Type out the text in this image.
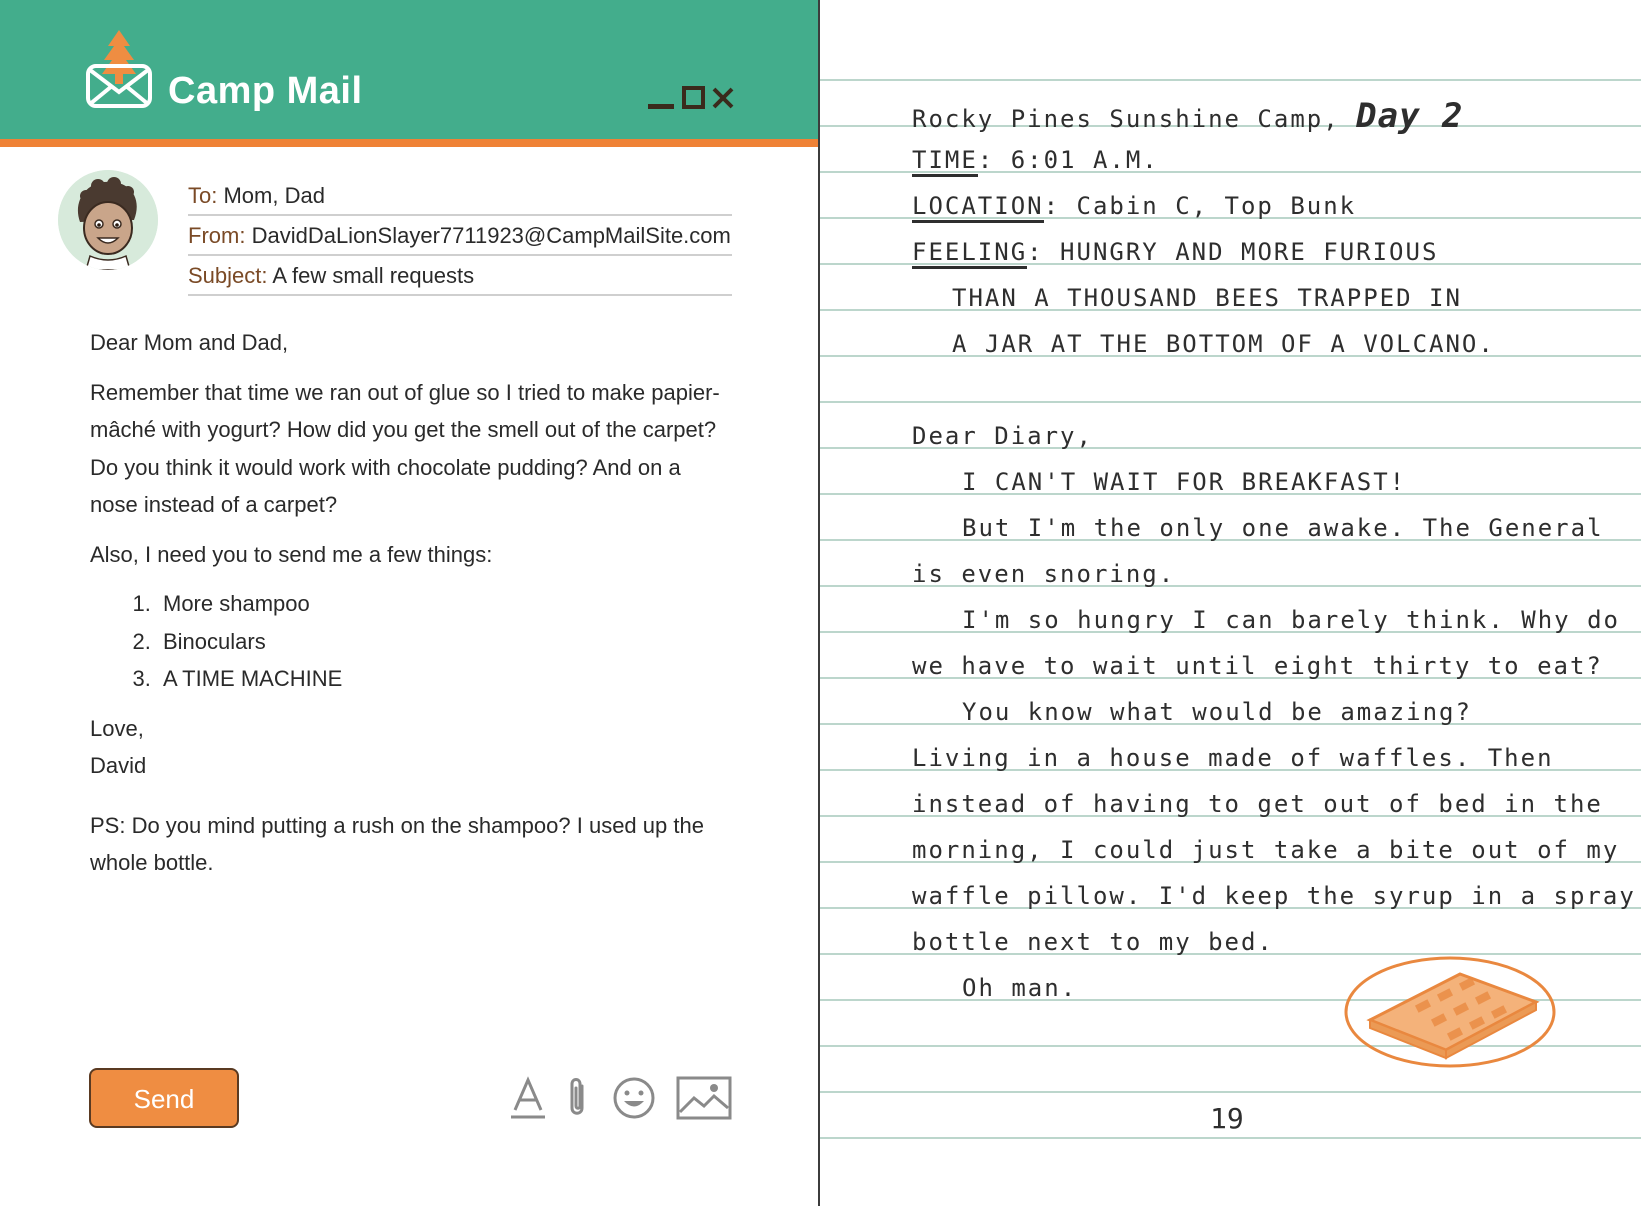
Camp Mail
To: Mom, Dad
From: DavidDaLionSlayer7711923@CampMailSite.com
Subject: A few small requests

Dear Mom and Dad,

Remember that time we ran out of glue so I tried to make papier-mâché with yogurt? How did you get the smell out of the carpet? Do you think it would work with chocolate pudding? And on a nose instead of a carpet?

Also, I need you to send me a few things:

1. More shampoo
2. Binoculars
3. A TIME MACHINE

Love,

David

PS: Do you mind putting a rush on the shampoo? I used up the whole bottle.

Send
Rocky Pines Sunshine Camp, Day 2
TIME: 6:01 A.M.
LOCATION: Cabin C, Top Bunk
FEELING: HUNGRY AND MORE FURIOUS
THAN A THOUSAND BEES TRAPPED IN
A JAR AT THE BOTTOM OF A VOLCANO.
Dear Diary,
I CAN'T WAIT FOR BREAKFAST!
But I'm the only one awake. The General
is even snoring.
I'm so hungry I can barely think. Why do
we have to wait until eight thirty to eat?
You know what would be amazing?
Living in a house made of waffles. Then
instead of having to get out of bed in the
morning, I could just take a bite out of my
waffle pillow. I'd keep the syrup in a spray
bottle next to my bed.
Oh man.
19
